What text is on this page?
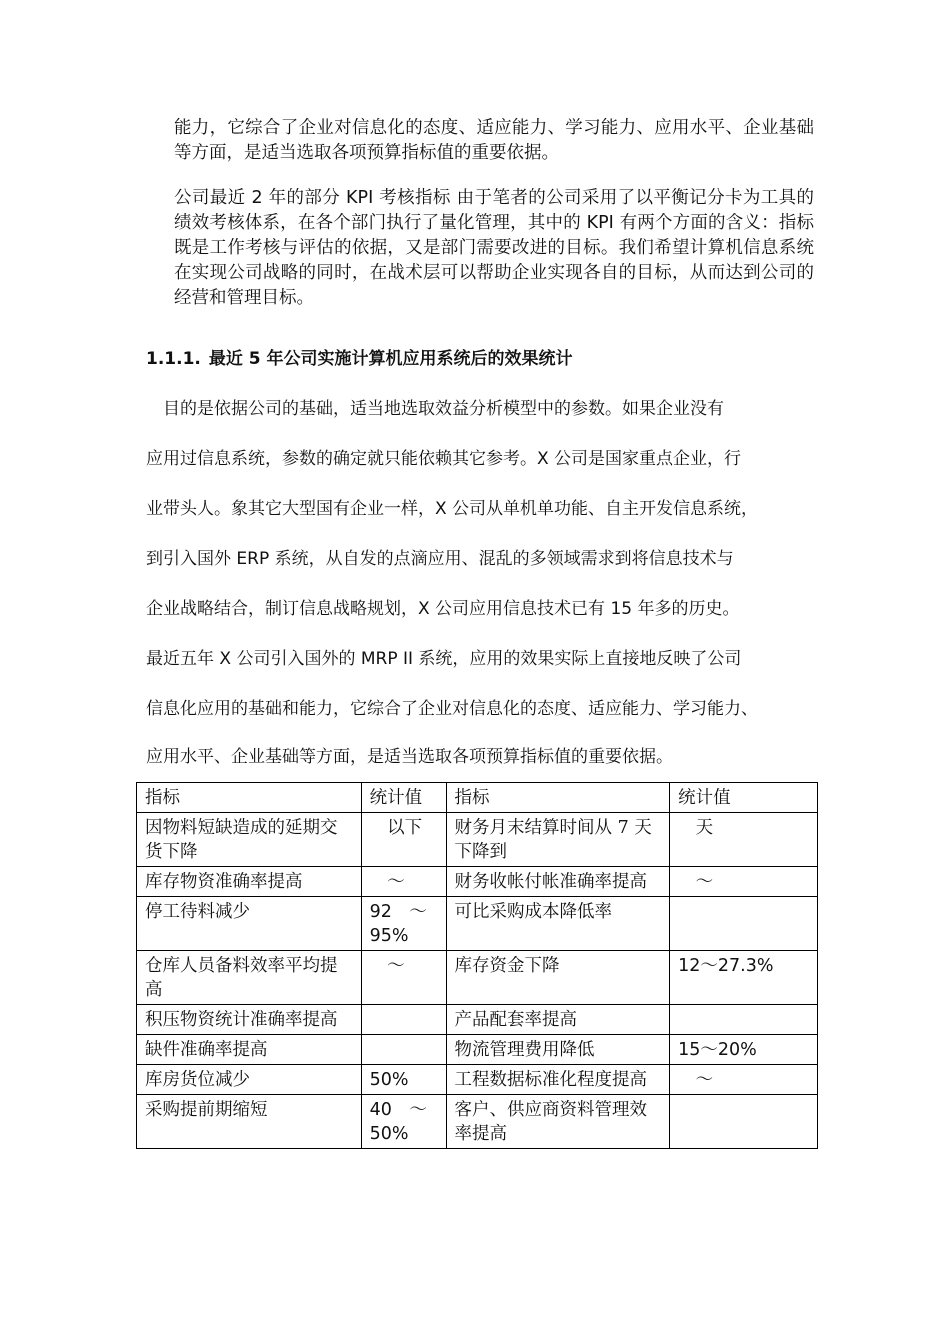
能力，它综合了企业对信息化的态度、适应能力、学习能力、应用水平、企业基础等方面，是适当选取各项预算指标值的重要依据。

公司最近 2 年的部分 KPI 考核指标 由于笔者的公司采用了以平衡记分卡为工具的绩效考核体系，在各个部门执行了量化管理，其中的 KPI 有两个方面的含义：指标既是工作考核与评估的依据，又是部门需要改进的目标。我们希望计算机信息系统在实现公司战略的同时，在战术层可以帮助企业实现各自的目标，从而达到公司的经营和管理目标。

1.1.1. 最近 5 年公司实施计算机应用系统后的效果统计
　目的是依据公司的基础，适当地选取效益分析模型中的参数。如果企业没有
应用过信息系统，参数的确定就只能依赖其它参考。X 公司是国家重点企业，行
业带头人。象其它大型国有企业一样，X 公司从单机单功能、自主开发信息系统，
到引入国外 ERP 系统，从自发的点滴应用、混乱的多领域需求到将信息技术与
企业战略结合，制订信息战略规划，X 公司应用信息技术已有 15 年多的历史。
最近五年 X 公司引入国外的 MRP II 系统，应用的效果实际上直接地反映了公司
信息化应用的基础和能力，它综合了企业对信息化的态度、适应能力、学习能力、
应用水平、企业基础等方面，是适当选取各项预算指标值的重要依据。
指标	统计值	指标	统计值
因物料短缺造成的延期交货下降	　以下	财务月末结算时间从 7 天下降到	　天
库存物资准确率提高	　～	财务收帐付帐准确率提高	　～
停工待料减少	92　～95%	可比采购成本降低率	
仓库人员备料效率平均提高	　～	库存资金下降	12～27.3%
积压物资统计准确率提高		产品配套率提高	
缺件准确率提高		物流管理费用降低	15～20%
库房货位减少	50%	工程数据标准化程度提高	　～
采购提前期缩短	40　～50%	客户、供应商资料管理效率提高	
